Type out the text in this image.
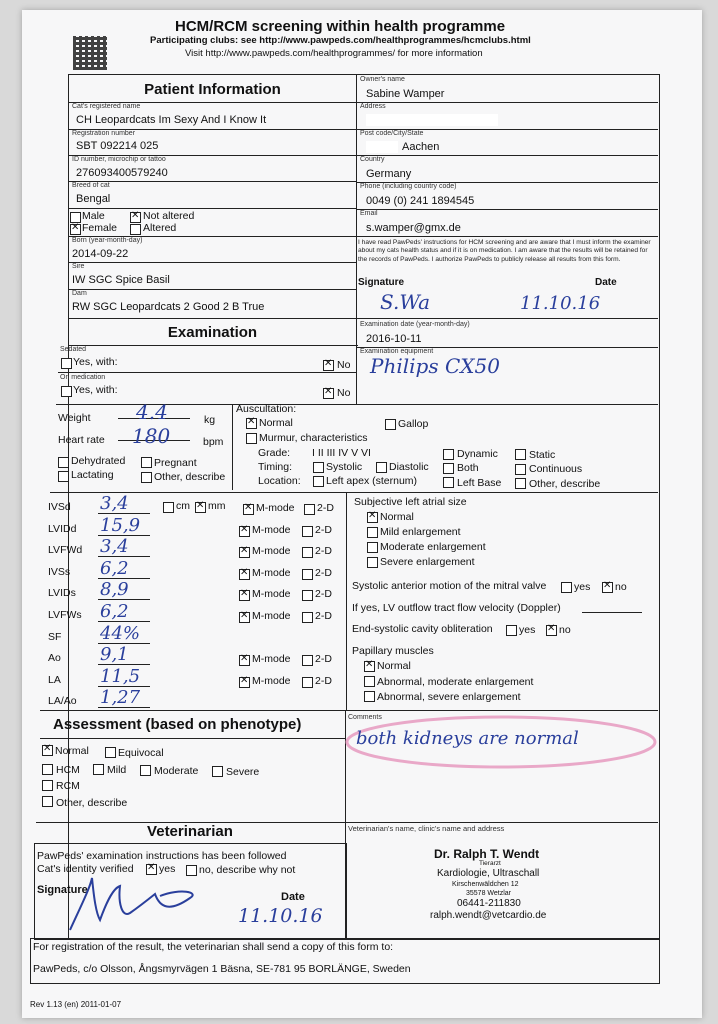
HCM/RCM screening within health programme
Participating clubs: see http://www.pawpeds.com/healthprogrammes/hcmclubs.html
Visit http://www.pawpeds.com/healthprogrammes/ for more information
Patient Information
Cat's registered name
CH Leopardcats Im Sexy And I Know It
Registration number
SBT 092214 025
ID number, microchip or tattoo
276093400579240
Breed of cat
Bengal
Male ✕	Not altered
✕
Female Altered
Born (year-month-day)
2014-09-22
Sire
IW SGC Spice Basil
Dam
RW SGC Leopardcats 2 Good 2 B True
Owner's name
Sabine Wamper
Address
Post code/City/State
Aachen
Country
Germany
Phone (including country code)
0049 (0) 241 1894545
Email
s.wamper@gmx.de
I have read PawPeds' instructions for HCM screening and are aware that I must inform the examiner about my cats health status and if it is on medication. I am aware that the results will be retained for the records of PawPeds. I authorize PawPeds to publicly release all results from this form.
Signature	Date
S.Wa	11.10.16
Examination	Examination date (year-month-day)
2016-10-11
Examination equipment
Philips CX50
Sedated
Yes, with: ✕	No
On medication
Yes, with: ✕	No
Weight 4.4	kg
Heart rate 180	bpm
Dehydrated	Pregnant
Lactating	Other, describe
Auscultation:
✕
Normal	Gallop
Murmur, characteristics
Grade: I II III IV V VI
Timing:	Systolic	Diastolic
Location: Left apex (sternum)
Dynamic
Both
Left Base
Static
Continuous
Other, describe
IVSd 3,4 ✕	M-mode 2-D
LVIDd 15,9 ✕	M-mode 2-D
LVFWd 3,4 ✕	M-mode 2-D
IVSs 6,2 ✕	M-mode 2-D
LVIDs 8,9 ✕	M-mode 2-D
LVFWs 6,2 ✕	M-mode 2-D
SF 44%
Ao 9,1 ✕	M-mode 2-D
LA 11,5 ✕	M-mode 2-D
LA/Ao 1,27
cm ✕ mm	Subjective left atrial size
✕
Normal
Mild enlargement
Moderate enlargement
Severe enlargement
Systolic anterior motion of the mitral valve	yes ✕ no
If yes, LV outflow tract flow velocity (Doppler)
End-systolic cavity obliteration	yes ✕ no
Papillary muscles
✕
Normal
Abnormal, moderate enlargement
Abnormal, severe enlargement
Assessment (based on phenotype)
✕
Normal	Equivocal
HCM	Mild	Moderate	Severe
RCM
Other, describe
Comments
both kidneys are normal
Veterinarian
PawPeds' examination instructions has been followed
Cat's identity verified ✕ yes no, describe why not
Signature
Date
11.10.16
Veterinarian's name, clinic's name and address
Dr. Ralph T. Wendt
Tierarzt
Kardiologie, Ultraschall
Kirschenwäldchen 12
35578 Wetzlar
06441-211830
ralph.wendt@vetcardio.de
For registration of the result, the veterinarian shall send a copy of this form to:
PawPeds, c/o Olsson, Ångsmyrvägen 1 Bäsna, SE-781 95 BORLÄNGE, Sweden
Rev 1.13 (en) 2011-01-07
